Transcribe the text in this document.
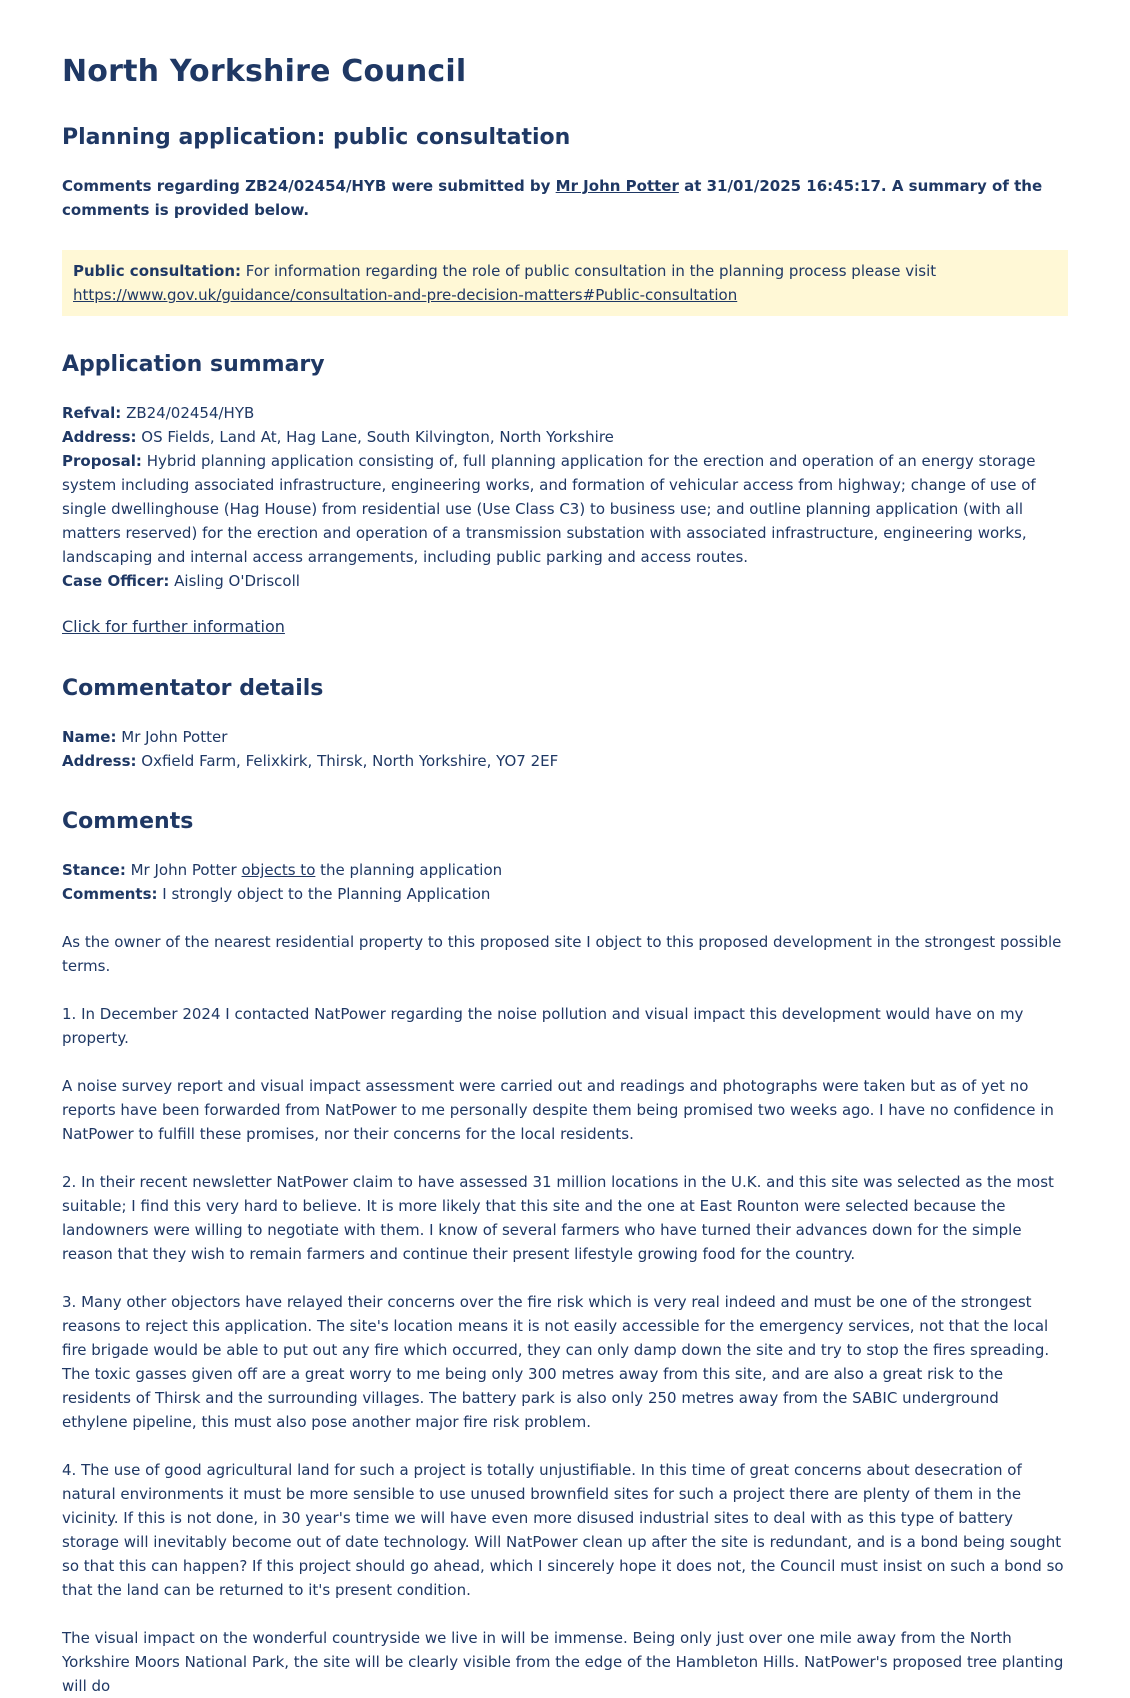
North Yorkshire Council
Planning application: public consultation

Comments regarding ZB24/02454/HYB were submitted by Mr John Potter at 31/01/2025 16:45:17. A summary of the comments is provided below.

Public consultation: For information regarding the role of public consultation in the planning process please visit https://www.gov.uk/guidance/consultation-and-pre-decision-matters#Public-consultation
Application summary

Refval: ZB24/02454/HYB

Address: OS Fields, Land At, Hag Lane, South Kilvington, North Yorkshire

Proposal: Hybrid planning application consisting of, full planning application for the erection and operation of an energy storage system including associated infrastructure, engineering works, and formation of vehicular access from highway; change of use of single dwellinghouse (Hag House) from residential use (Use Class C3) to business use; and outline planning application (with all matters reserved) for the erection and operation of a transmission substation with associated infrastructure, engineering works, landscaping and internal access arrangements, including public parking and access routes.

Case Officer: Aisling O'Driscoll

Click for further information
Commentator details

Name: Mr John Potter

Address: Oxfield Farm, Felixkirk, Thirsk, North Yorkshire, YO7 2EF

Comments

Stance: Mr John Potter objects to the planning application

Comments: I strongly object to the Planning Application

As the owner of the nearest residential property to this proposed site I object to this proposed development in the strongest possible terms.

1. In December 2024 I contacted NatPower regarding the noise pollution and visual impact this development would have on my property.

A noise survey report and visual impact assessment were carried out and readings and photographs were taken but as of yet no reports have been forwarded from NatPower to me personally despite them being promised two weeks ago. I have no confidence in NatPower to fulfill these promises, nor their concerns for the local residents.

2. In their recent newsletter NatPower claim to have assessed 31 million locations in the U.K. and this site was selected as the most suitable; I find this very hard to believe. It is more likely that this site and the one at East Rounton were selected because the landowners were willing to negotiate with them. I know of several farmers who have turned their advances down for the simple reason that they wish to remain farmers and continue their present lifestyle growing food for the country.

3. Many other objectors have relayed their concerns over the fire risk which is very real indeed and must be one of the strongest reasons to reject this application. The site's location means it is not easily accessible for the emergency services, not that the local fire brigade would be able to put out any fire which occurred, they can only damp down the site and try to stop the fires spreading. The toxic gasses given off are a great worry to me being only 300 metres away from this site, and are also a great risk to the residents of Thirsk and the surrounding villages. The battery park is also only 250 metres away from the SABIC underground ethylene pipeline, this must also pose another major fire risk problem.

4. The use of good agricultural land for such a project is totally unjustifiable. In this time of great concerns about desecration of natural environments it must be more sensible to use unused brownfield sites for such a project there are plenty of them in the vicinity. If this is not done, in 30 year's time we will have even more disused industrial sites to deal with as this type of battery storage will inevitably become out of date technology. Will NatPower clean up after the site is redundant, and is a bond being sought so that this can happen? If this project should go ahead, which I sincerely hope it does not, the Council must insist on such a bond so that the land can be returned to it's present condition.

The visual impact on the wonderful countryside we live in will be immense. Being only just over one mile away from the North Yorkshire Moors National Park, the site will be clearly visible from the edge of the Hambleton Hills. NatPower's proposed tree planting will do
